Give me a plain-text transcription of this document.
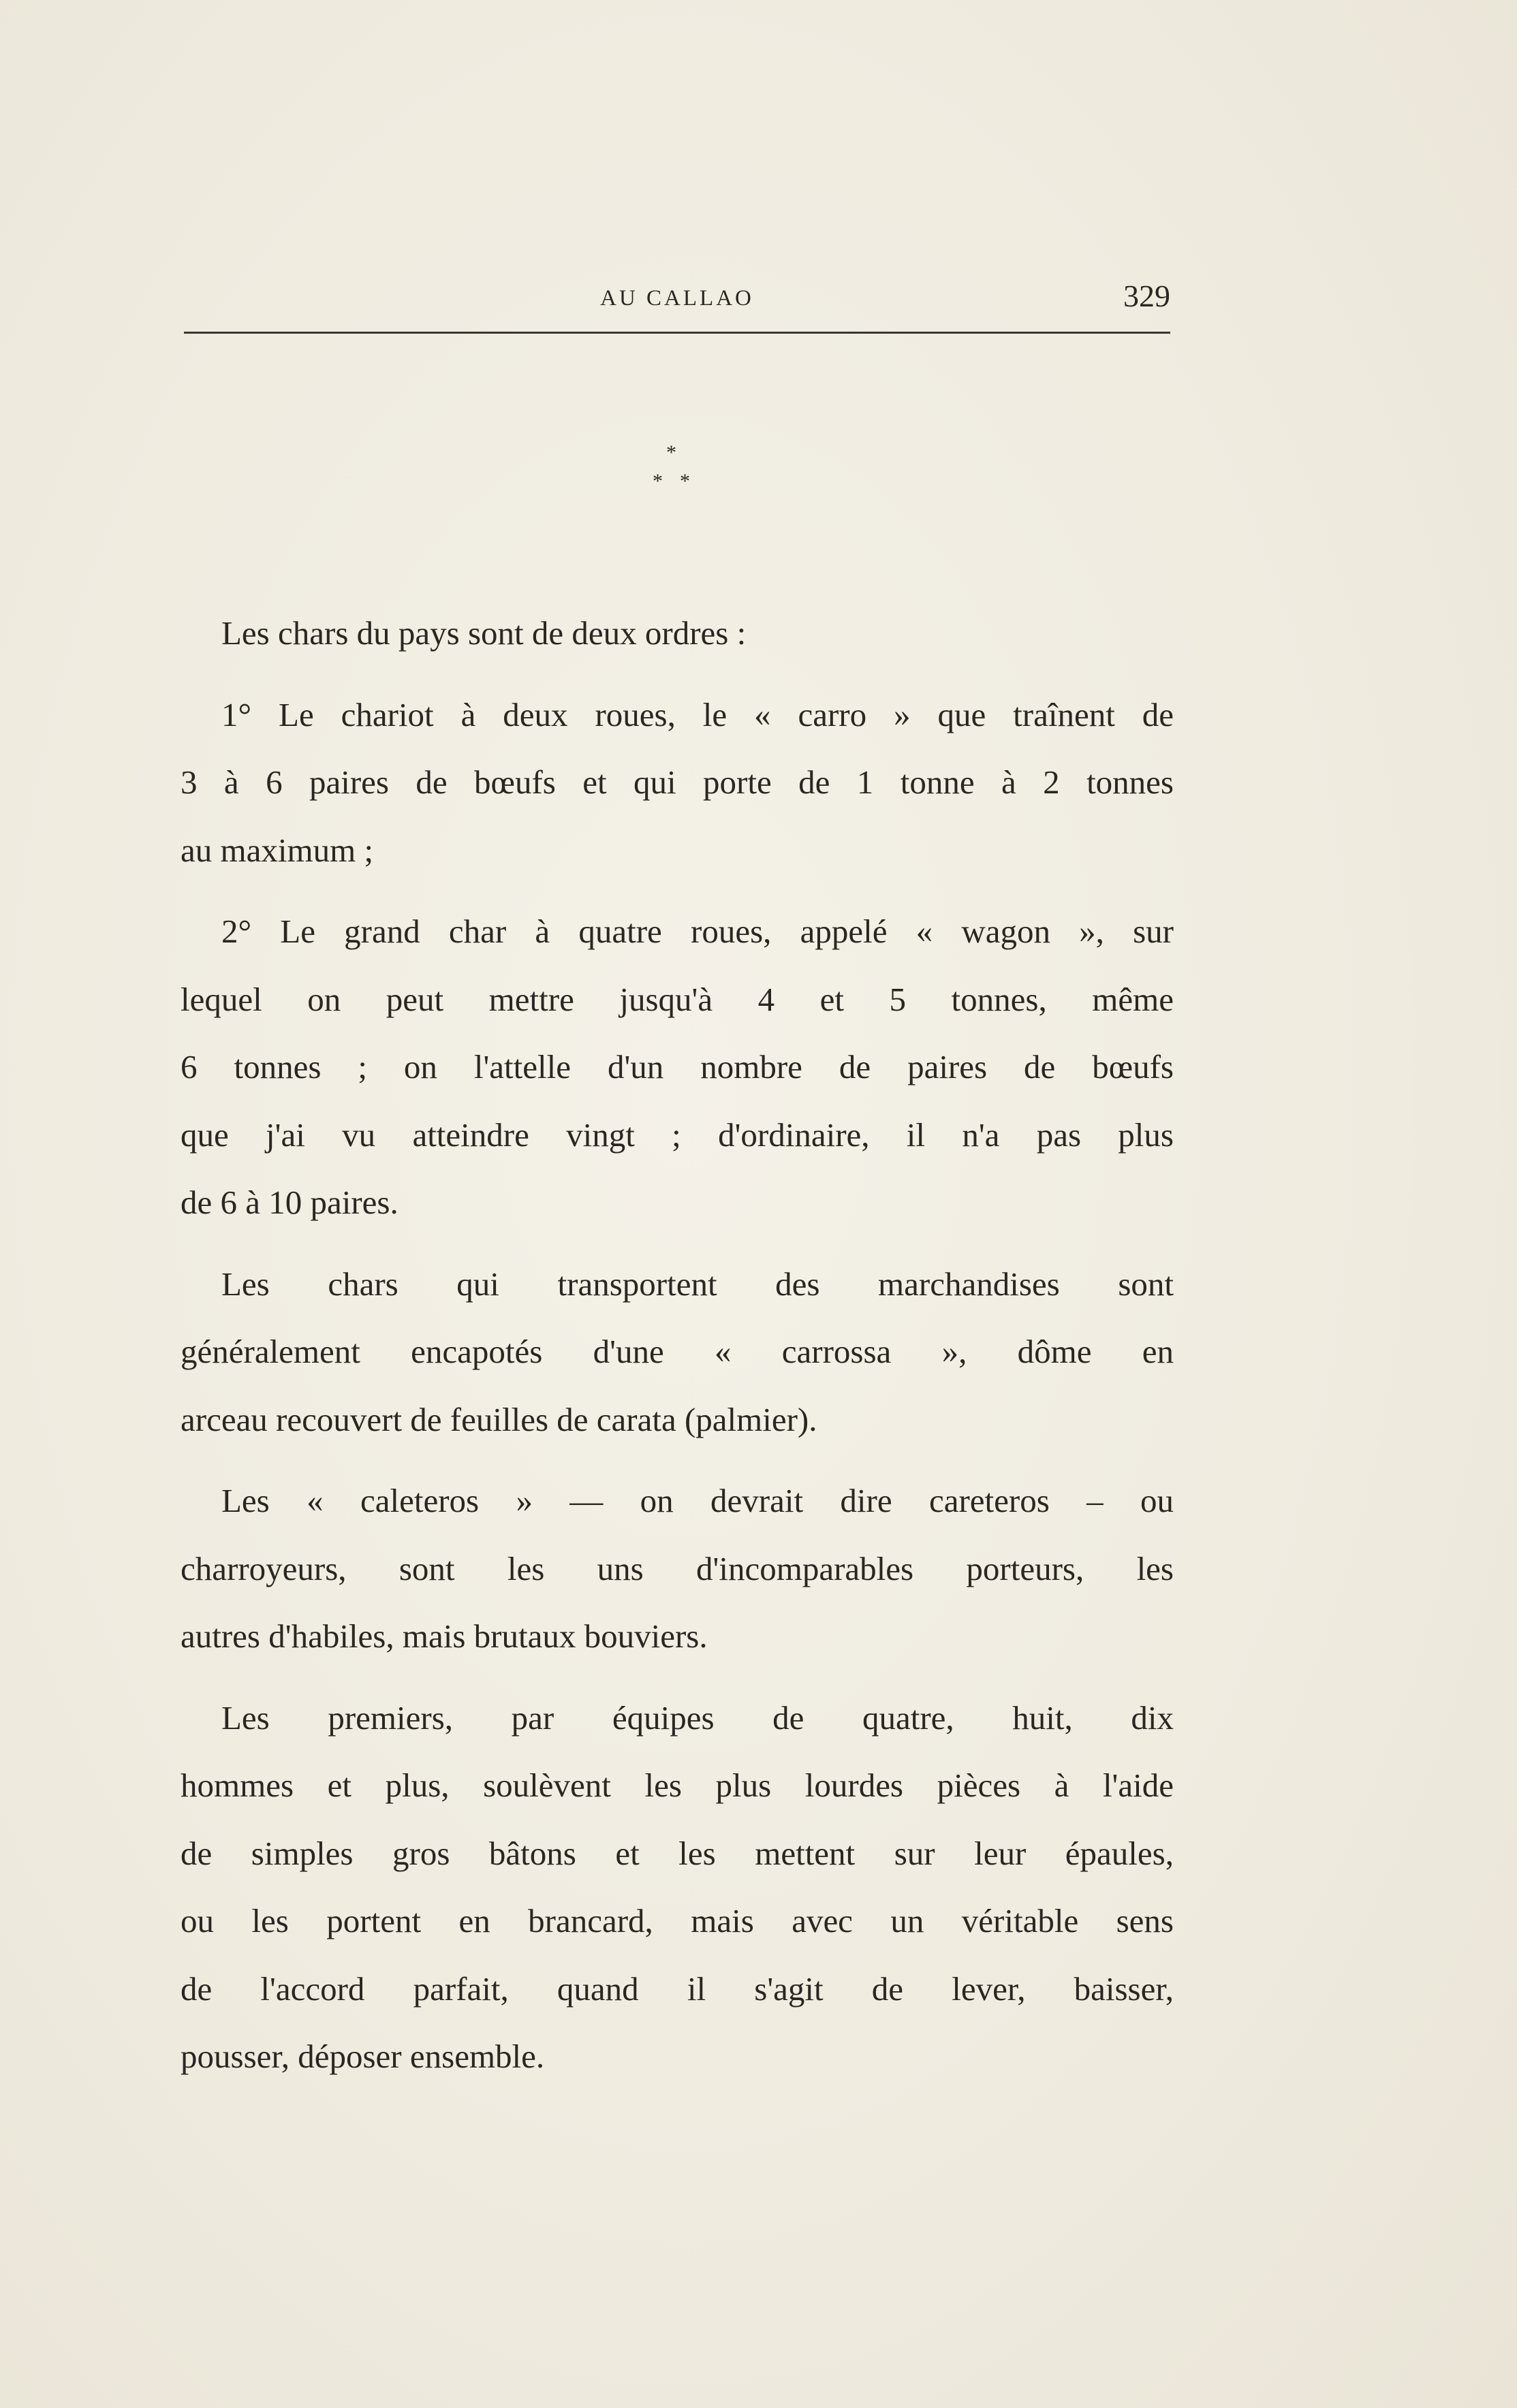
AU CALLAO	329
*
* *
Les chars du pays sont de deux ordres :
1° Le chariot à deux roues, le « carro » que traînent de
3 à 6 paires de bœufs et qui porte de 1 tonne à 2 tonnes
au maximum ;
2° Le grand char à quatre roues, appelé « wagon », sur
lequel on peut mettre jusqu'à 4 et 5 tonnes, même
6 tonnes ; on l'attelle d'un nombre de paires de bœufs
que j'ai vu atteindre vingt ; d'ordinaire, il n'a pas plus
de 6 à 10 paires.
Les chars qui transportent des marchandises sont
généralement encapotés d'une « carrossa », dôme en
arceau recouvert de feuilles de carata (palmier).
Les « caleteros » — on devrait dire careteros – ou
charroyeurs, sont les uns d'incomparables porteurs, les
autres d'habiles, mais brutaux bouviers.
Les premiers, par équipes de quatre, huit, dix
hommes et plus, soulèvent les plus lourdes pièces à l'aide
de simples gros bâtons et les mettent sur leur épaules,
ou les portent en brancard, mais avec un véritable sens
de l'accord parfait, quand il s'agit de lever, baisser,
pousser, déposer ensemble.
